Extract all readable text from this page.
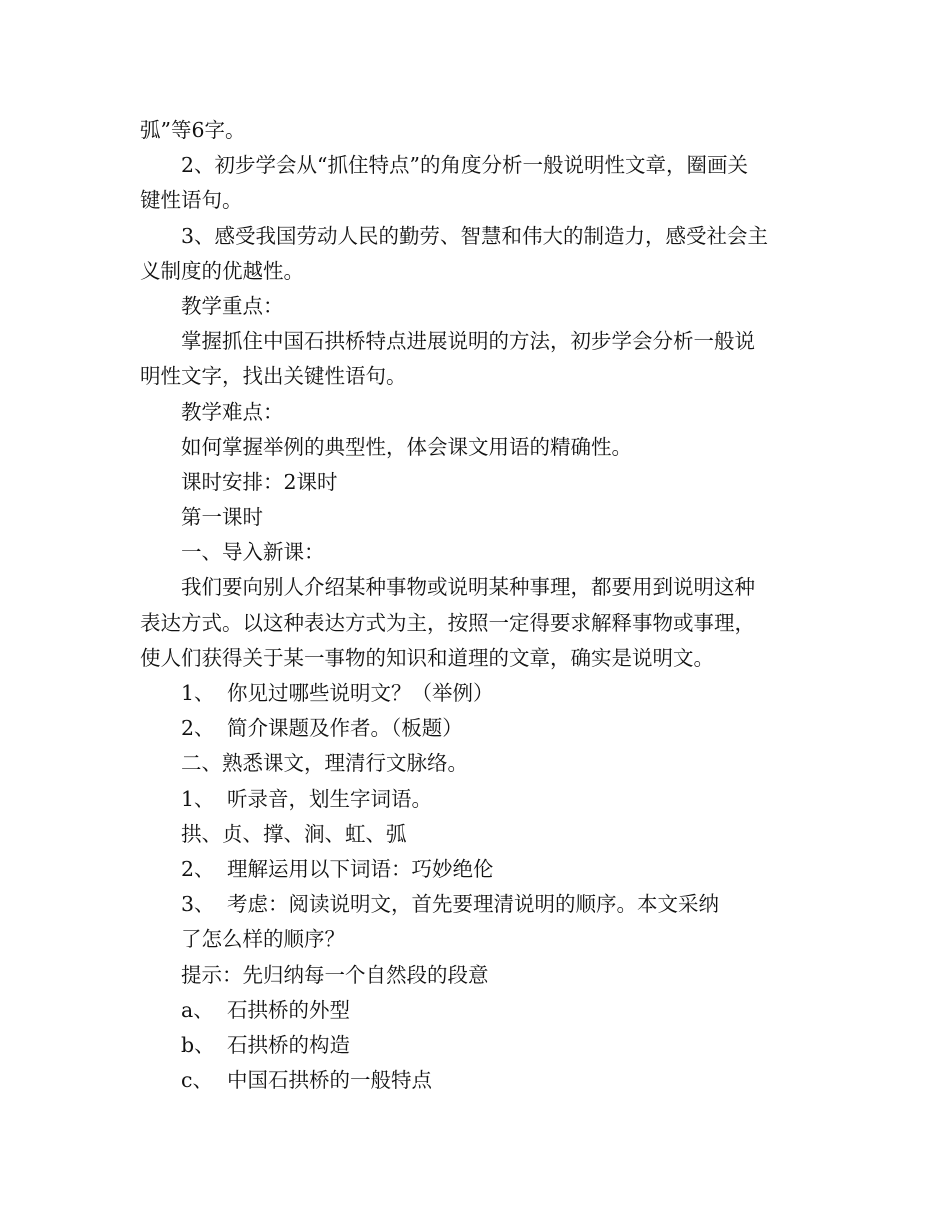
弧”等6字。
2、初步学会从“抓住特点”的角度分析一般说明性文章，圈画关
键性语句。
3、感受我国劳动人民的勤劳、智慧和伟大的制造力，感受社会主
义制度的优越性。
教学重点：
掌握抓住中国石拱桥特点进展说明的方法，初步学会分析一般说
明性文字，找出关键性语句。
教学难点：
如何掌握举例的典型性，体会课文用语的精确性。
课时安排：2课时
第一课时
一、导入新课：
我们要向别人介绍某种事物或说明某种事理，都要用到说明这种
表达方式。以这种表达方式为主，按照一定得要求解释事物或事理，
使人们获得关于某一事物的知识和道理的文章，确实是说明文。
1、 你见过哪些说明文？（举例）
2、 简介课题及作者。（板题）
二、熟悉课文，理清行文脉络。
1、 听录音，划生字词语。
拱、贞、撑、涧、虹、弧
2、 理解运用以下词语：巧妙绝伦
3、 考虑：阅读说明文，首先要理清说明的顺序。本文采纳
了怎么样的顺序？
提示：先归纳每一个自然段的段意
a、 石拱桥的外型
b、 石拱桥的构造
c、 中国石拱桥的一般特点
